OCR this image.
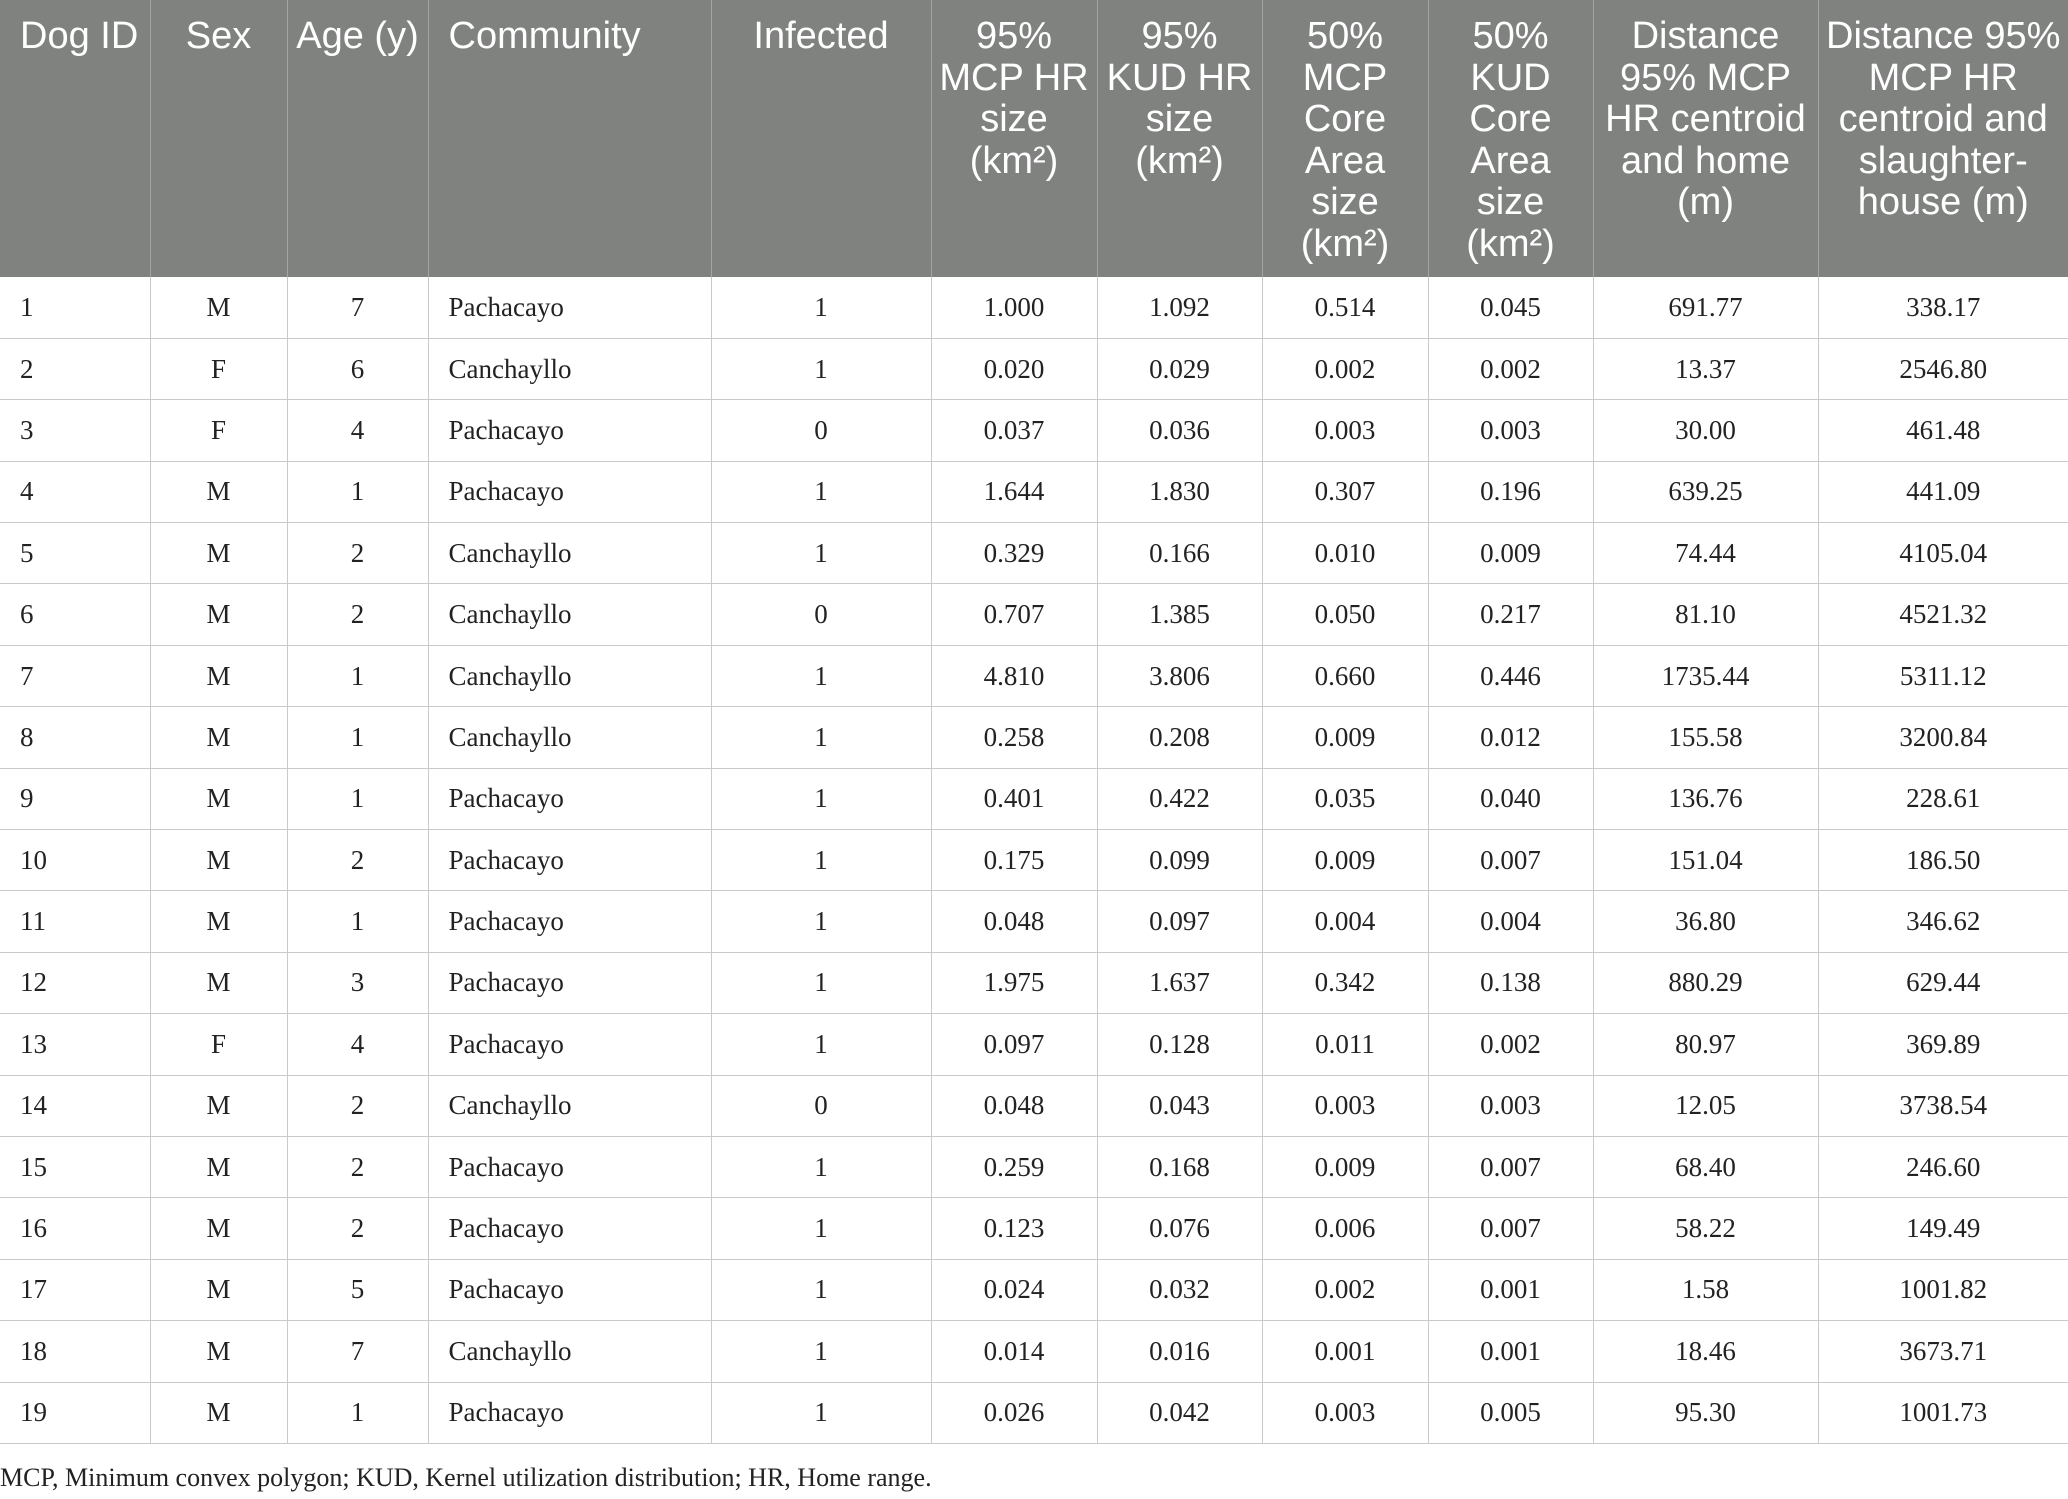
Dog ID	Sex	Age (y)	Community	Infected	95% MCP HR size (km²)	95% KUD HR size (km²)	50% MCP Core Area size (km²)	50% KUD Core Area size (km²)	Distance 95% MCP HR centroid and home (m)	Distance 95% MCP HR centroid and slaughter-house (m)
1	M	7	Pachacayo	1	1.000	1.092	0.514	0.045	691.77	338.17
2	F	6	Canchayllo	1	0.020	0.029	0.002	0.002	13.37	2546.80
3	F	4	Pachacayo	0	0.037	0.036	0.003	0.003	30.00	461.48
4	M	1	Pachacayo	1	1.644	1.830	0.307	0.196	639.25	441.09
5	M	2	Canchayllo	1	0.329	0.166	0.010	0.009	74.44	4105.04
6	M	2	Canchayllo	0	0.707	1.385	0.050	0.217	81.10	4521.32
7	M	1	Canchayllo	1	4.810	3.806	0.660	0.446	1735.44	5311.12
8	M	1	Canchayllo	1	0.258	0.208	0.009	0.012	155.58	3200.84
9	M	1	Pachacayo	1	0.401	0.422	0.035	0.040	136.76	228.61
10	M	2	Pachacayo	1	0.175	0.099	0.009	0.007	151.04	186.50
11	M	1	Pachacayo	1	0.048	0.097	0.004	0.004	36.80	346.62
12	M	3	Pachacayo	1	1.975	1.637	0.342	0.138	880.29	629.44
13	F	4	Pachacayo	1	0.097	0.128	0.011	0.002	80.97	369.89
14	M	2	Canchayllo	0	0.048	0.043	0.003	0.003	12.05	3738.54
15	M	2	Pachacayo	1	0.259	0.168	0.009	0.007	68.40	246.60
16	M	2	Pachacayo	1	0.123	0.076	0.006	0.007	58.22	149.49
17	M	5	Pachacayo	1	0.024	0.032	0.002	0.001	1.58	1001.82
18	M	7	Canchayllo	1	0.014	0.016	0.001	0.001	18.46	3673.71
19	M	1	Pachacayo	1	0.026	0.042	0.003	0.005	95.30	1001.73
MCP, Minimum convex polygon; KUD, Kernel utilization distribution; HR, Home range.
